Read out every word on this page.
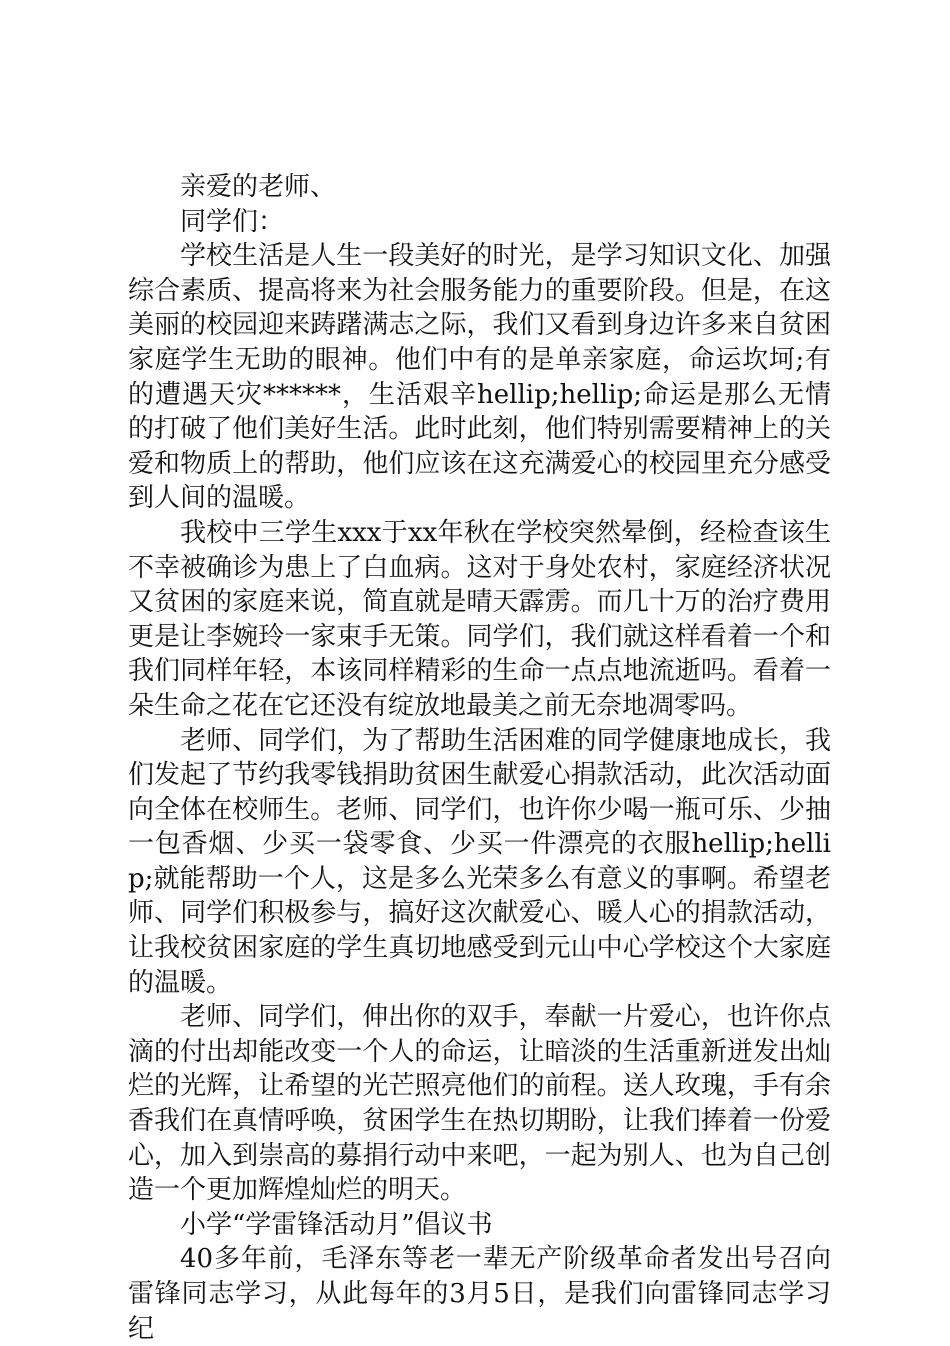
亲爱的老师、

同学们：

学校生活是人生一段美好的时光，是学习知识文化、加强综合素质、提高将来为社会服务能力的重要阶段。但是，在这美丽的校园迎来踌躇满志之际，我们又看到身边许多来自贫困家庭学生无助的眼神。他们中有的是单亲家庭，命运坎坷;有的遭遇天灾******，生活艰辛hellip;hellip;命运是那么无情的打破了他们美好生活。此时此刻，他们特别需要精神上的关爱和物质上的帮助，他们应该在这充满爱心的校园里充分感受到人间的温暖。

我校中三学生xxx于xx年秋在学校突然晕倒，经检查该生不幸被确诊为患上了白血病。这对于身处农村，家庭经济状况又贫困的家庭来说，简直就是晴天霹雳。而几十万的治疗费用更是让李婉玲一家束手无策。同学们，我们就这样看着一个和我们同样年轻，本该同样精彩的生命一点点地流逝吗。看着一朵生命之花在它还没有绽放地最美之前无奈地凋零吗。

老师、同学们，为了帮助生活困难的同学健康地成长，我们发起了节约我零钱捐助贫困生献爱心捐款活动，此次活动面向全体在校师生。老师、同学们，也许你少喝一瓶可乐、少抽一包香烟、少买一袋零食、少买一件漂亮的衣服hellip;hellip;就能帮助一个人，这是多么光荣多么有意义的事啊。希望老师、同学们积极参与，搞好这次献爱心、暖人心的捐款活动，让我校贫困家庭的学生真切地感受到元山中心学校这个大家庭的温暖。

老师、同学们，伸出你的双手，奉献一片爱心，也许你点滴的付出却能改变一个人的命运，让暗淡的生活重新迸发出灿烂的光辉，让希望的光芒照亮他们的前程。送人玫瑰，手有余香我们在真情呼唤，贫困学生在热切期盼，让我们捧着一份爱心，加入到崇高的募捐行动中来吧，一起为别人、也为自己创造一个更加辉煌灿烂的明天。

小学“学雷锋活动月”倡议书

40多年前，毛泽东等老一辈无产阶级革命者发出号召向雷锋同志学习，从此每年的3月5日，是我们向雷锋同志学习纪
